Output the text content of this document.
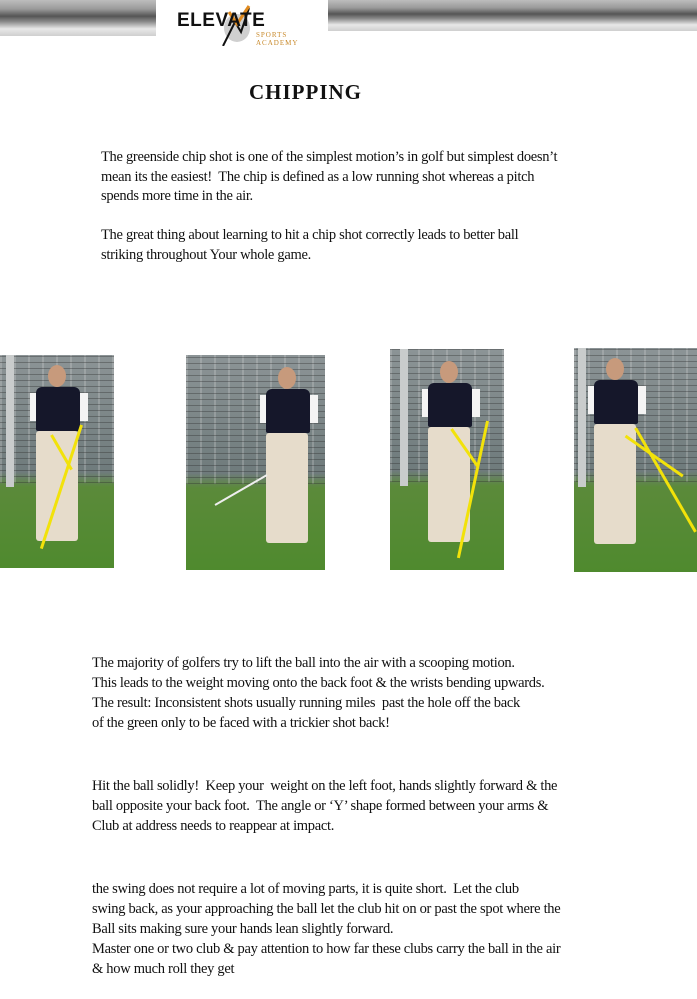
ELEVATE
SPORTS ACADEMY
CHIPPING
The greenside chip shot is one of the simplest motion’s in golf but simplest doesn’t
mean its the easiest!  The chip is defined as a low running shot whereas a pitch
spends more time in the air.
The great thing about learning to hit a chip shot correctly leads to better ball
striking throughout Your whole game.
The majority of golfers try to lift the ball into the air with a scooping motion.
This leads to the weight moving onto the back foot & the wrists bending upwards.
The result: Inconsistent shots usually running miles  past the hole off the back
of the green only to be faced with a trickier shot back!
Hit the ball solidly!  Keep your  weight on the left foot, hands slightly forward & the
ball opposite your back foot.  The angle or ‘Y’ shape formed between your arms &
Club at address needs to reappear at impact.
the swing does not require a lot of moving parts, it is quite short.  Let the club
swing back, as your approaching the ball let the club hit on or past the spot where the
Ball sits making sure your hands lean slightly forward.
Master one or two club & pay attention to how far these clubs carry the ball in the air
& how much roll they get
